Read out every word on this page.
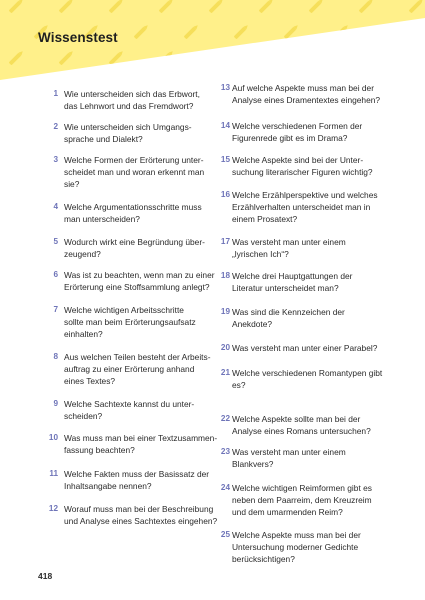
Wissenstest
1 Wie unterscheiden sich das Erbwort,
das Lehnwort und das Fremdwort?
2 Wie unterscheiden sich Umgangs-
sprache und Dialekt?
3 Welche Formen der Erörterung unter-
scheidet man und woran erkennt man
sie?
4 Welche Argumentationsschritte muss
man unterscheiden?
5 Wodurch wirkt eine Begründung über-
zeugend?
6 Was ist zu beachten, wenn man zu einer
Erörterung eine Stoffsammlung anlegt?
7 Welche wichtigen Arbeitsschritte
sollte man beim Erörterungsaufsatz
einhalten?
8 Aus welchen Teilen besteht der Arbeits-
auftrag zu einer Erörterung anhand
eines Textes?
9 Welche Sachtexte kannst du unter-
scheiden?
10 Was muss man bei einer Textzusammen-
fassung beachten?
11 Welche Fakten muss der Basissatz der
Inhaltsangabe nennen?
12 Worauf muss man bei der Beschreibung
und Analyse eines Sachtextes eingehen?
13 Auf welche Aspekte muss man bei der
Analyse eines Dramentextes eingehen?
14 Welche verschiedenen Formen der
Figurenrede gibt es im Drama?
15 Welche Aspekte sind bei der Unter-
suchung literarischer Figuren wichtig?
16 Welche Erzählperspektive und welches
Erzählverhalten unterscheidet man in
einem Prosatext?
17 Was versteht man unter einem
„lyrischen Ich“?
18 Welche drei Hauptgattungen der
Literatur unterscheidet man?
19 Was sind die Kennzeichen der
Anekdote?
20 Was versteht man unter einer Parabel?
21 Welche verschiedenen Romantypen gibt
es?
22 Welche Aspekte sollte man bei der
Analyse eines Romans untersuchen?
23 Was versteht man unter einem
Blankvers?
24 Welche wichtigen Reimformen gibt es
neben dem Paarreim, dem Kreuzreim
und dem umarmenden Reim?
25 Welche Aspekte muss man bei der
Untersuchung moderner Gedichte
berücksichtigen?
418
